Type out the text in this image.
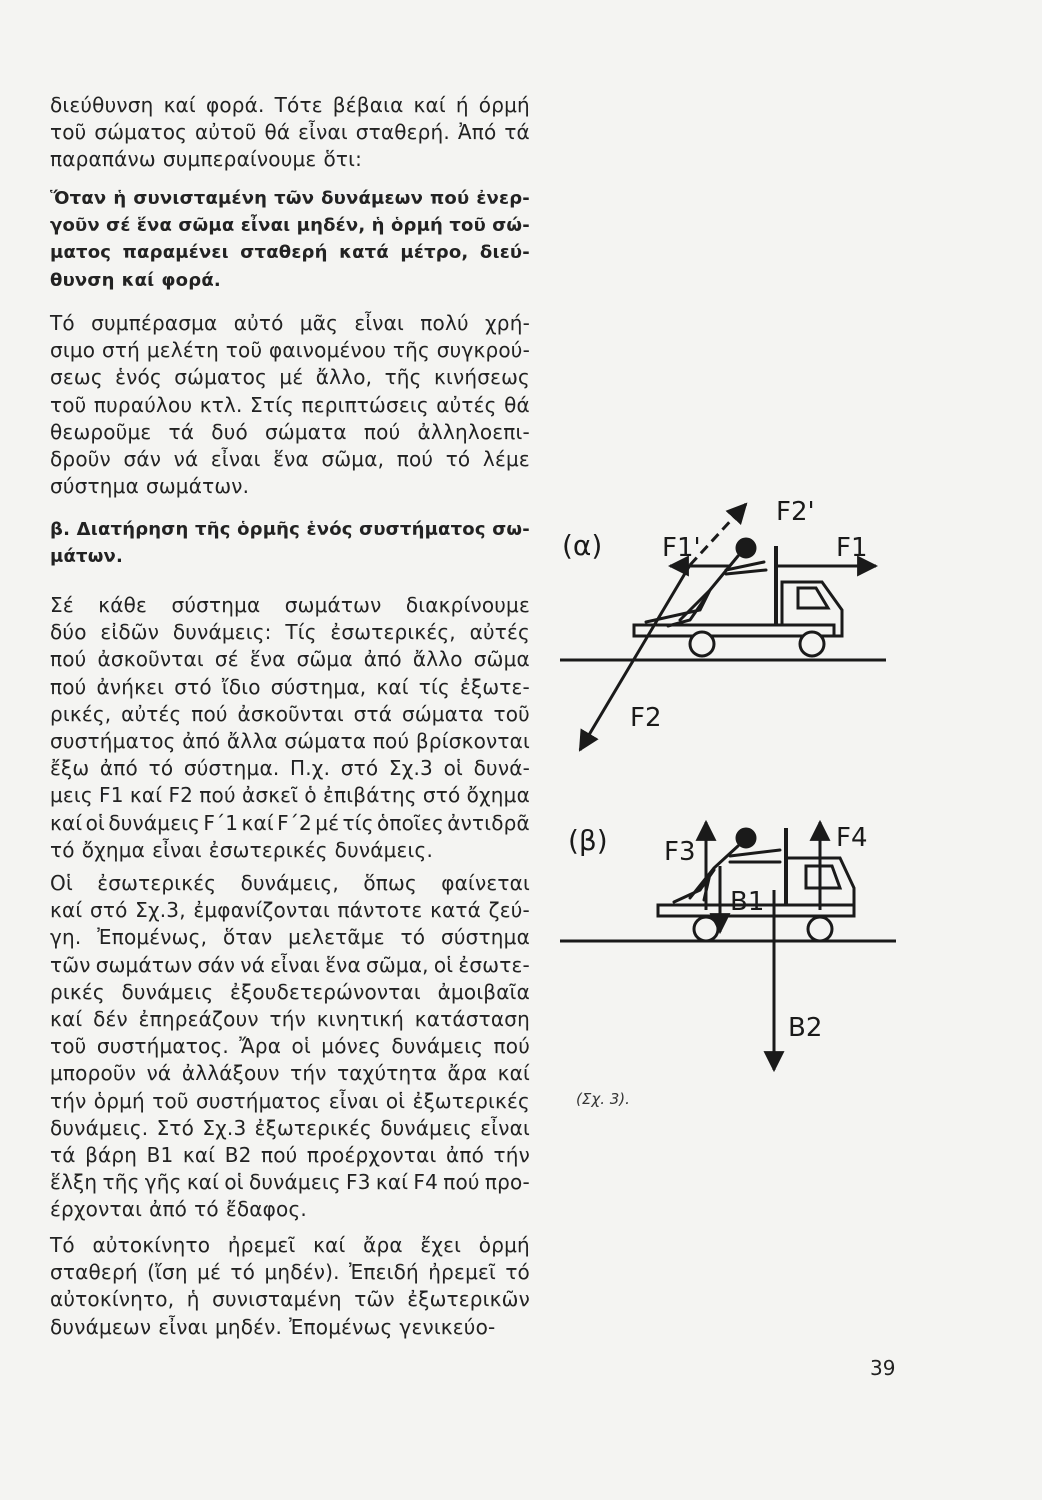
διεύθυνση καί φορά. Τότε βέβαια καί ή όρμή
τοῦ σώματος αὐτοῦ θά εἶναι σταθερή. Ἀπό τά
παραπάνω συμπεραίνουμε ὅτι:
Ὅταν ἡ συνισταμένη τῶν δυνάμεων πού ἐνερ-
γοῦν σέ ἕνα σῶμα εἶναι μηδέν, ἡ ὁρμή τοῦ σώ-
ματος παραμένει σταθερή κατά μέτρο, διεύ-
θυνση καί φορά.
Τό συμπέρασμα αὐτό μᾶς εἶναι πολύ χρή-
σιμο στή μελέτη τοῦ φαινομένου τῆς συγκρού-
σεως ἑνός σώματος μέ ἄλλο, τῆς κινήσεως
τοῦ πυραύλου κτλ. Στίς περιπτώσεις αὐτές θά
θεωροῦμε τά δυό σώματα πού ἀλληλοεπι-
δροῦν σάν νά εἶναι ἕνα σῶμα, πού τό λέμε
σύστημα σωμάτων.
β. Διατήρηση τῆς ὁρμῆς ἑνός συστήματος σω-
μάτων.
Σέ κάθε σύστημα σωμάτων διακρίνουμε
δύο εἰδῶν δυνάμεις: Τίς ἐσωτερικές, αὐτές
πού ἀσκοῦνται σέ ἕνα σῶμα ἀπό ἄλλο σῶμα
πού ἀνήκει στό ἴδιο σύστημα, καί τίς ἐξωτε-
ρικές, αὐτές πού ἀσκοῦνται στά σώματα τοῦ
συστήματος ἀπό ἄλλα σώματα πού βρίσκονται
ἔξω ἀπό τό σύστημα. Π.χ. στό Σχ.3 οἱ δυνά-
μεις F1 καί F2 πού ἀσκεῖ ὁ ἐπιβάτης στό ὄχημα
καί οἱ δυνάμεις F΄1 καί F΄2 μέ τίς ὁποῖες ἀντιδρᾶ
τό ὄχημα εἶναι ἐσωτερικές δυνάμεις.
Οἱ ἐσωτερικές δυνάμεις, ὅπως φαίνεται
καί στό Σχ.3, ἐμφανίζονται πάντοτε κατά ζεύ-
γη. Ἐπομένως, ὅταν μελετᾶμε τό σύστημα
τῶν σωμάτων σάν νά εἶναι ἕνα σῶμα, οἱ ἐσωτε-
ρικές δυνάμεις ἐξουδετερώνονται ἀμοιβαῖα
καί δέν ἐπηρεάζουν τήν κινητική κατάσταση
τοῦ συστήματος. Ἄρα οἱ μόνες δυνάμεις πού
μποροῦν νά ἀλλάξουν τήν ταχύτητα ἄρα καί
τήν ὁρμή τοῦ συστήματος εἶναι οἱ ἐξωτερικές
δυνάμεις. Στό Σχ.3 ἐξωτερικές δυνάμεις εἶναι
τά βάρη B1 καί B2 πού προέρχονται ἀπό τήν
ἕλξη τῆς γῆς καί οἱ δυνάμεις F3 καί F4 πού προ-
έρχονται ἀπό τό ἔδαφος.
Τό αὐτοκίνητο ἠρεμεῖ καί ἄρα ἔχει ὁρμή
σταθερή (ἴση μέ τό μηδέν). Ἐπειδή ἠρεμεῖ τό
αὐτοκίνητο, ἡ συνισταμένη τῶν ἐξωτερικῶν
δυνάμεων εἶναι μηδέν. Ἐπομένως γενικεύο-
(α) F1'
F2'
F1
F2
(β) F3	F4
B1
B2
(Σχ. 3).
39
